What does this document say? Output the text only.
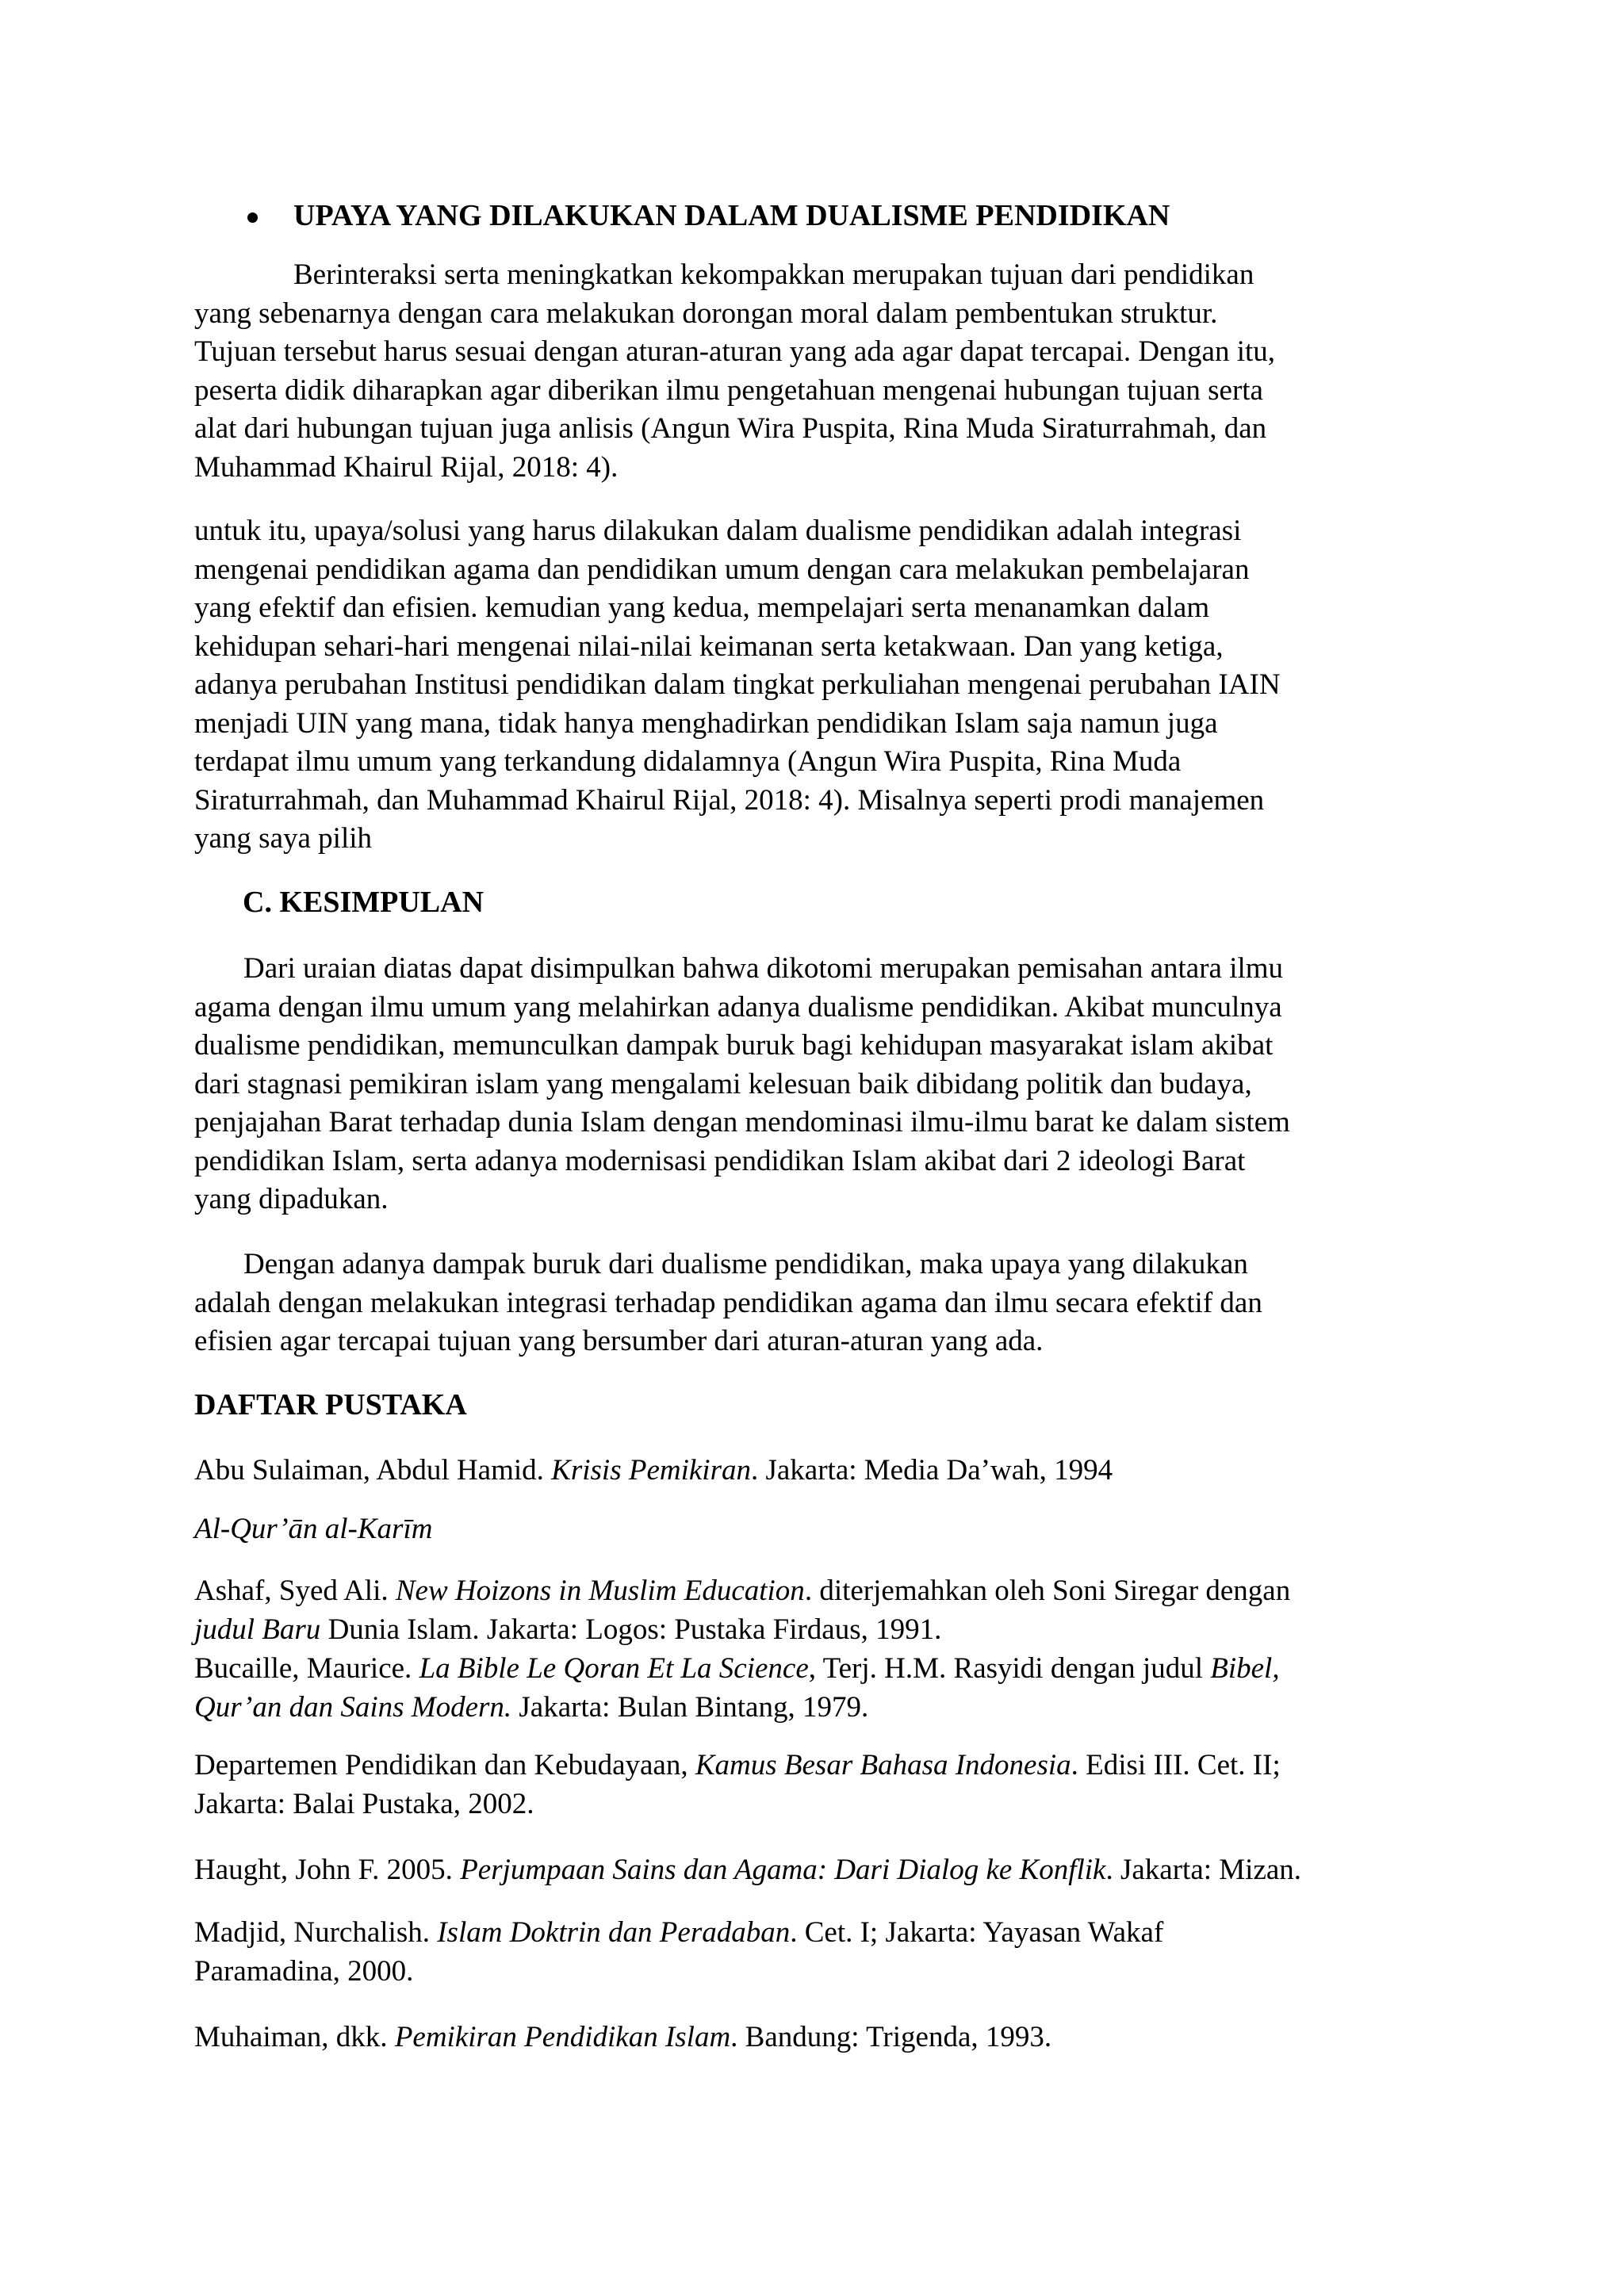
UPAYA YANG DILAKUKAN DALAM DUALISME PENDIDIKAN
Berinteraksi serta meningkatkan kekompakkan merupakan tujuan dari pendidikan
yang sebenarnya dengan cara melakukan dorongan moral dalam pembentukan struktur.
Tujuan tersebut harus sesuai dengan aturan-aturan yang ada agar dapat tercapai. Dengan itu,
peserta didik diharapkan agar diberikan ilmu pengetahuan mengenai hubungan tujuan serta
alat dari hubungan tujuan juga anlisis (Angun Wira Puspita, Rina Muda Siraturrahmah, dan
Muhammad Khairul Rijal, 2018: 4).
untuk itu, upaya/solusi yang harus dilakukan dalam dualisme pendidikan adalah integrasi
mengenai pendidikan agama dan pendidikan umum dengan cara melakukan pembelajaran
yang efektif dan efisien. kemudian yang kedua, mempelajari serta menanamkan dalam
kehidupan sehari-hari mengenai nilai-nilai keimanan serta ketakwaan. Dan yang ketiga,
adanya perubahan Institusi pendidikan dalam tingkat perkuliahan mengenai perubahan IAIN
menjadi UIN yang mana, tidak hanya menghadirkan pendidikan Islam saja namun juga
terdapat ilmu umum yang terkandung didalamnya (Angun Wira Puspita, Rina Muda
Siraturrahmah, dan Muhammad Khairul Rijal, 2018: 4). Misalnya seperti prodi manajemen
yang saya pilih
C. KESIMPULAN
Dari uraian diatas dapat disimpulkan bahwa dikotomi merupakan pemisahan antara ilmu
agama dengan ilmu umum yang melahirkan adanya dualisme pendidikan. Akibat munculnya
dualisme pendidikan, memunculkan dampak buruk bagi kehidupan masyarakat islam akibat
dari stagnasi pemikiran islam yang mengalami kelesuan baik dibidang politik dan budaya,
penjajahan Barat terhadap dunia Islam dengan mendominasi ilmu-ilmu barat ke dalam sistem
pendidikan Islam, serta adanya modernisasi pendidikan Islam akibat dari 2 ideologi Barat
yang dipadukan.
Dengan adanya dampak buruk dari dualisme pendidikan, maka upaya yang dilakukan
adalah dengan melakukan integrasi terhadap pendidikan agama dan ilmu secara efektif dan
efisien agar tercapai tujuan yang bersumber dari aturan-aturan yang ada.
DAFTAR PUSTAKA
Abu Sulaiman, Abdul Hamid. Krisis Pemikiran. Jakarta: Media Da’wah, 1994
Al-Qur’ān al-Karīm
Ashaf, Syed Ali. New Hoizons in Muslim Education. diterjemahkan oleh Soni Siregar dengan
judul Baru Dunia Islam. Jakarta: Logos: Pustaka Firdaus, 1991.
Bucaille, Maurice. La Bible Le Qoran Et La Science, Terj. H.M. Rasyidi dengan judul Bibel,
Qur’an dan Sains Modern. Jakarta: Bulan Bintang, 1979.
Departemen Pendidikan dan Kebudayaan, Kamus Besar Bahasa Indonesia. Edisi III. Cet. II;
Jakarta: Balai Pustaka, 2002.
Haught, John F. 2005. Perjumpaan Sains dan Agama: Dari Dialog ke Konflik. Jakarta: Mizan.
Madjid, Nurchalish. Islam Doktrin dan Peradaban. Cet. I; Jakarta: Yayasan Wakaf
Paramadina, 2000.
Muhaiman, dkk. Pemikiran Pendidikan Islam. Bandung: Trigenda, 1993.
